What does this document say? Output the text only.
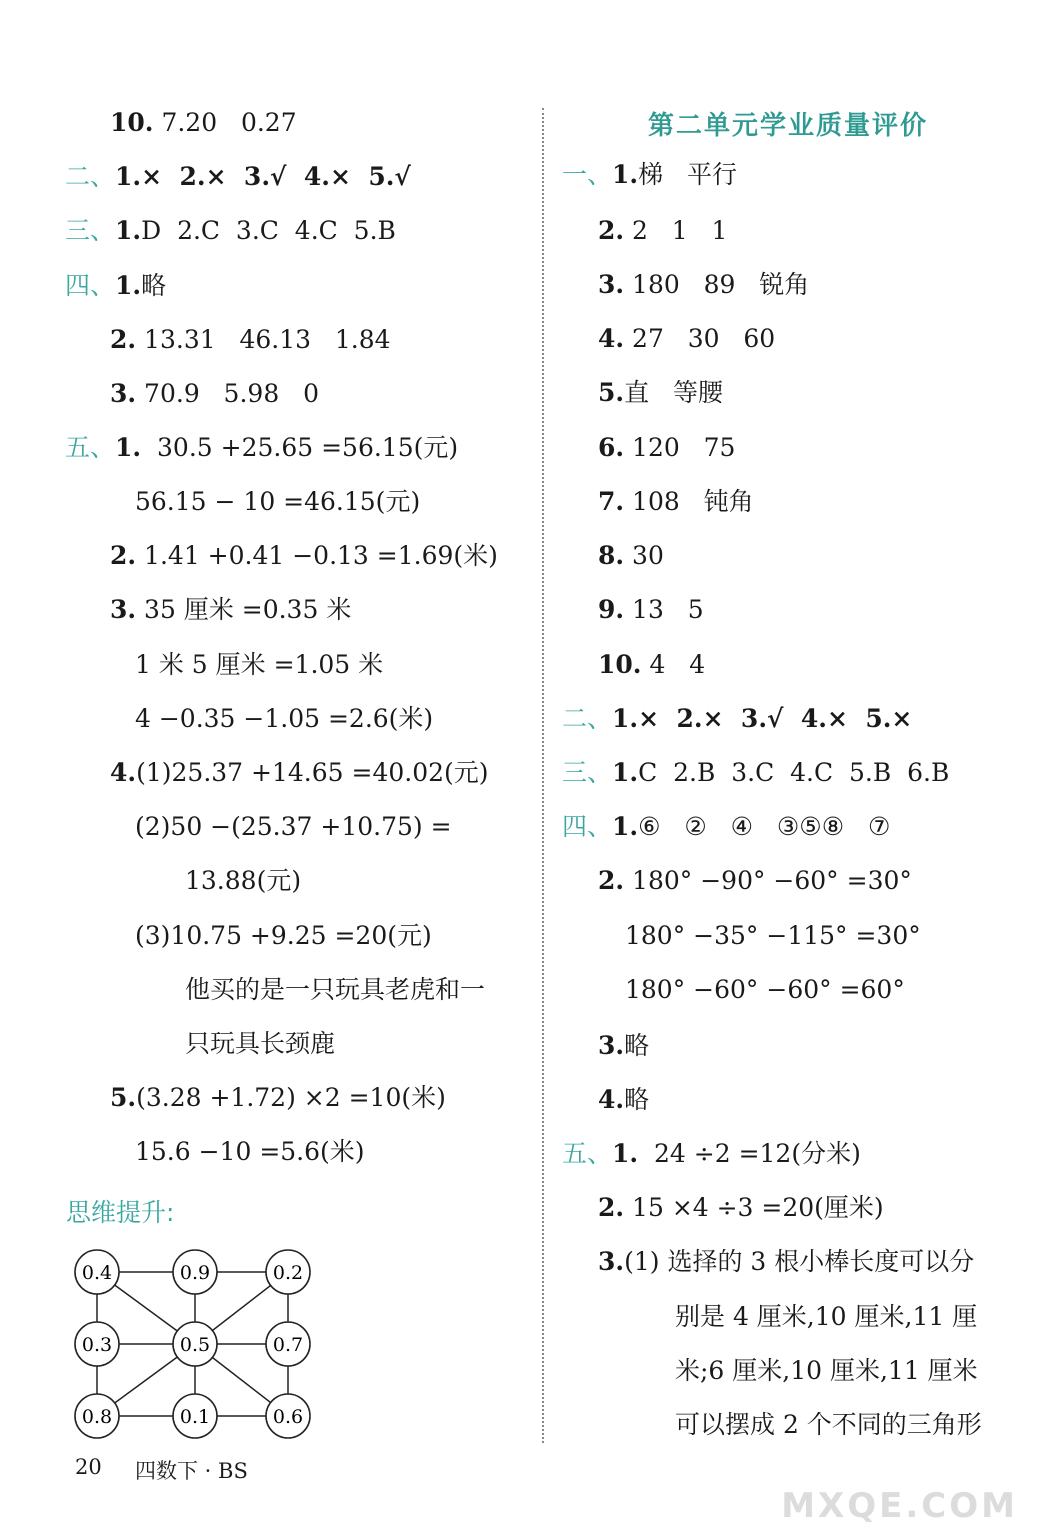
10. 7.20   0.27
二、1.×  2.×  3.√  4.×  5.√
三、1.D  2.C  3.C  4.C  5.B
四、1.略
2. 13.31   46.13   1.84
3. 70.9   5.98   0
五、1.  30.5 +25.65 =56.15(元)
56.15 − 10 =46.15(元)
2. 1.41 +0.41 −0.13 =1.69(米)
3. 35 厘米 =0.35 米
1 米 5 厘米 =1.05 米
4 −0.35 −1.05 =2.6(米)
4.(1)25.37 +14.65 =40.02(元)
(2)50 −(25.37 +10.75) =
13.88(元)
(3)10.75 +9.25 =20(元)
他买的是一只玩具老虎和一
只玩具长颈鹿
5.(3.28 +1.72) ×2 =10(米)
15.6 −10 =5.6(米)
第二单元学业质量评价
一、1.梯   平行
2. 2   1   1
3. 180   89   锐角
4. 27   30   60
5.直   等腰
6. 120   75
7. 108   钝角
8. 30
9. 13   5
10. 4   4
二、1.×  2.×  3.√  4.×  5.×
三、1.C  2.B  3.C  4.C  5.B  6.B
四、1.⑥   ②   ④   ③⑤⑧   ⑦
2. 180° −90° −60° =30°
180° −35° −115° =30°
180° −60° −60° =60°
3.略
4.略
五、1.  24 ÷2 =12(分米)
2. 15 ×4 ÷3 =20(厘米)
3.(1) 选择的 3 根小棒长度可以分
别是 4 厘米,10 厘米,11 厘
米;6 厘米,10 厘米,11 厘米
可以摆成 2 个不同的三角形
思维提升:
0.4	0.9	0.2
0.3	0.5	0.7
0.8	0.1	0.6
20 四数下 · BS
MXQE.COM
